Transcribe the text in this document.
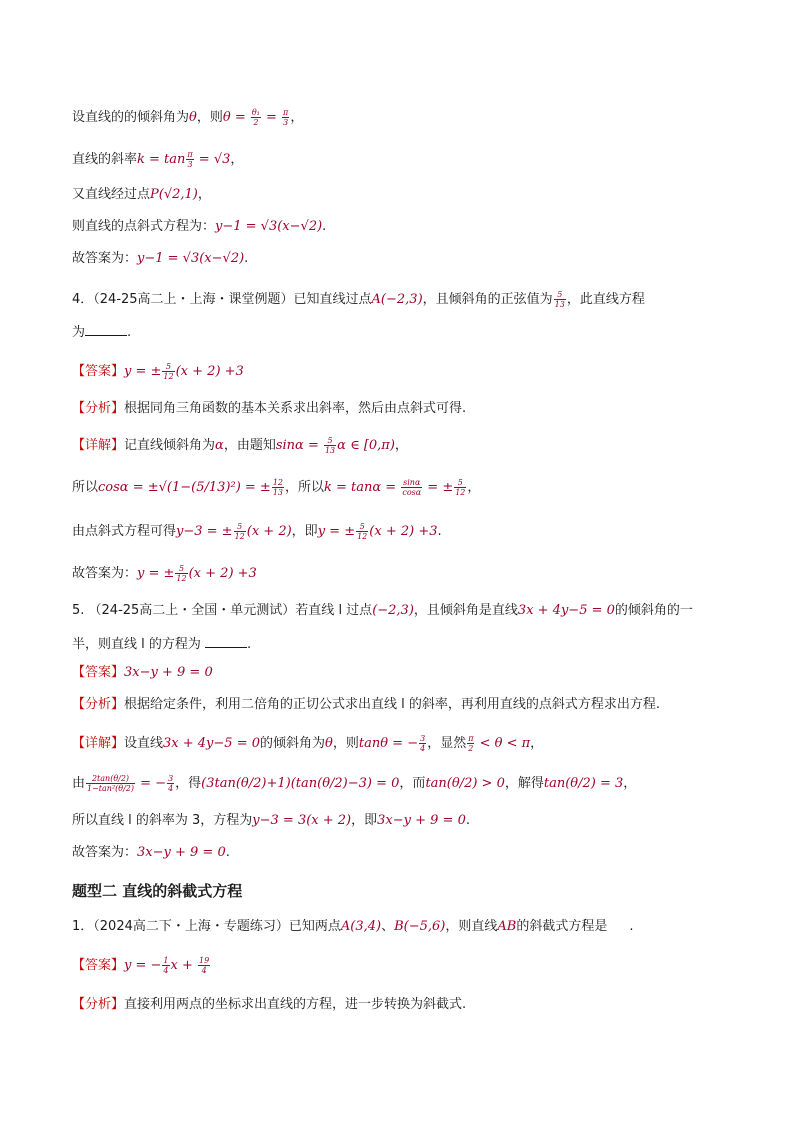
设直线的的倾斜角为θ，则$\theta = \frac{\text{θ₁}}{2} = \frac{\pi}{3}$ ，
直线的斜率$k = \tan \frac{\pi}{3} = √3$，
又直线经过点P(√2,1)，
则直线的点斜式方程为：y−1 = √3(x−√2).
故答案为：y−1 = √3(x−√2).
4．（24-25高二上・上海・课堂例题）已知直线过点A(−2,3)，且倾斜角的正弦值为 $\frac{5}{13}$ ，此直线方程
为	.
【答案】y = ± $\frac{5}{12} (x + 2) +3$
【分析】根据同角三角函数的基本关系求出斜率，然后由点斜式可得.
【详解】记直线倾斜角为α，由题知$\sin\alpha = \frac{5}{13}$ α ∈ [0,π)，
所以cosα = ±√(1−(5/13)²) = ± $\frac{12}{13}$ ，所以$k = \tan\alpha = \frac{\sin\alpha}{\cos\alpha}$ = ± $\frac{5}{12}$ ，
由点斜式方程可得y−3 = ± $\frac{5}{12} (x + 2)$，即y = ± $\frac{5}{12} (x + 2) +3$.
故答案为：y = ± $\frac{5}{12} (x + 2) +3$
5. （24-25高二上・全国・单元测试）若直线 l 过点(−2,3)，且倾斜角是直线3x + 4y−5 = 0的倾斜角的一
半，则直线 l 的方程为	.
【答案】3x−y + 9 = 0
【分析】根据给定条件，利用二倍角的正切公式求出直线 l 的斜率，再利用直线的点斜式方程求出方程.
【详解】设直线3x + 4y−5 = 0的倾斜角为θ，则tanθ = − $\frac{3}{4}$ ，显然 $\frac{\pi}{2} < \theta < \pi$，
由 $\frac{2\tan(\theta/2)}{\text{1−tan²(θ/2)}}$ = − $\frac{3}{4}$ ，得(3tan(θ/2)+1)(tan(θ/2)−3) = 0，而tan(θ/2) > 0，解得tan(θ/2) = 3，
所以直线 l 的斜率为 3，方程为y−3 = 3(x + 2)，即3x−y + 9 = 0.
故答案为：3x−y + 9 = 0.
题型二 直线的斜截式方程
1．（2024高二下・上海・专题练习）已知两点A(3,4)、B(−5,6)，则直线AB的斜截式方程是 .
【答案】y = − $\frac{1}{4}$ $x + \frac{19}{4}$
【分析】直接利用两点的坐标求出直线的方程，进一步转换为斜截式.
